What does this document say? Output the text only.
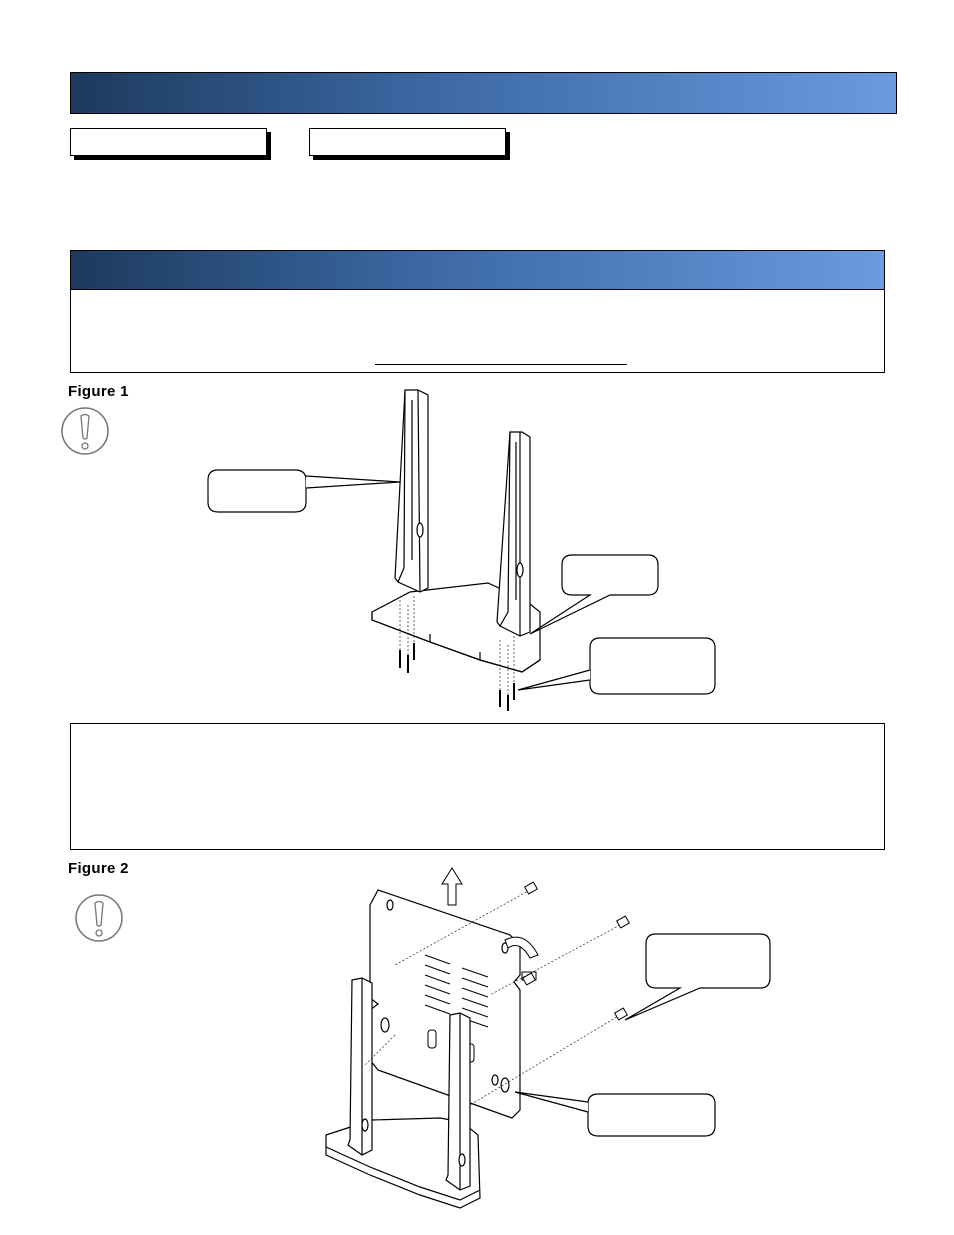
Figure 1
Figure 2
